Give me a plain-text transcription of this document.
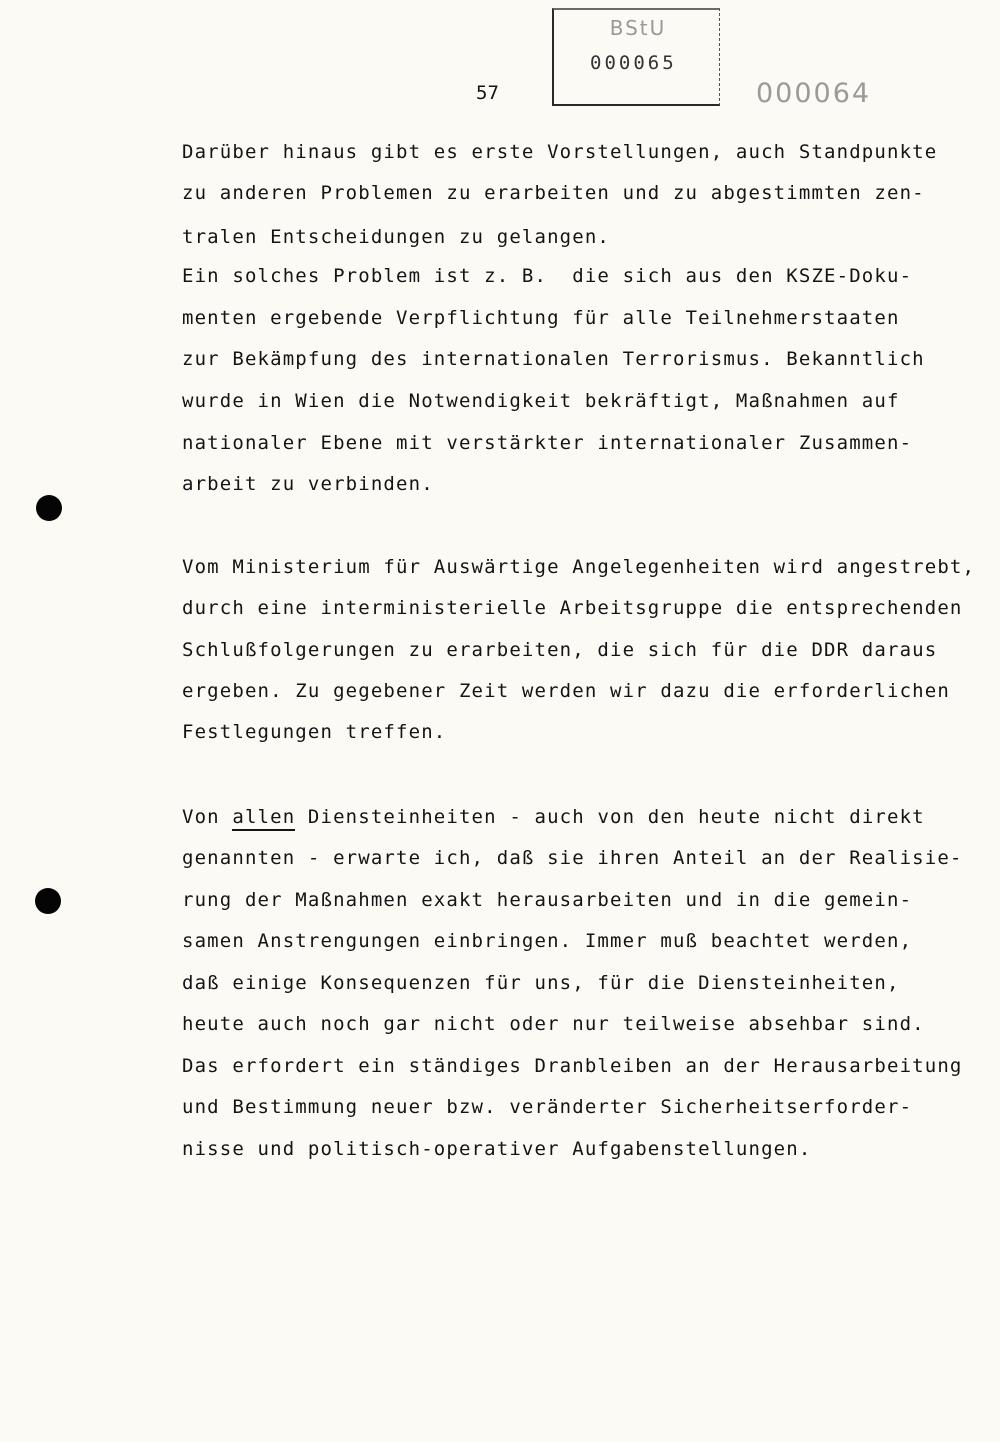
BStU
000065
57	000064
Darüber hinaus gibt es erste Vorstellungen, auch Standpunkte
zu anderen Problemen zu erarbeiten und zu abgestimmten zen-
tralen Entscheidungen zu gelangen.
Ein solches Problem ist z. B.  die sich aus den KSZE-Doku-
menten ergebende Verpflichtung für alle Teilnehmerstaaten
zur Bekämpfung des internationalen Terrorismus. Bekanntlich
wurde in Wien die Notwendigkeit bekräftigt, Maßnahmen auf
nationaler Ebene mit verstärkter internationaler Zusammen-
arbeit zu verbinden.
Vom Ministerium für Auswärtige Angelegenheiten wird angestrebt,
durch eine interministerielle Arbeitsgruppe die entsprechenden
Schlußfolgerungen zu erarbeiten, die sich für die DDR daraus
ergeben. Zu gegebener Zeit werden wir dazu die erforderlichen
Festlegungen treffen.
Von allen Diensteinheiten - auch von den heute nicht direkt
genannten - erwarte ich, daß sie ihren Anteil an der Realisie-
rung der Maßnahmen exakt herausarbeiten und in die gemein-
samen Anstrengungen einbringen. Immer muß beachtet werden,
daß einige Konsequenzen für uns, für die Diensteinheiten,
heute auch noch gar nicht oder nur teilweise absehbar sind.
Das erfordert ein ständiges Dranbleiben an der Herausarbeitung
und Bestimmung neuer bzw. veränderter Sicherheitserforder-
nisse und politisch-operativer Aufgabenstellungen.
